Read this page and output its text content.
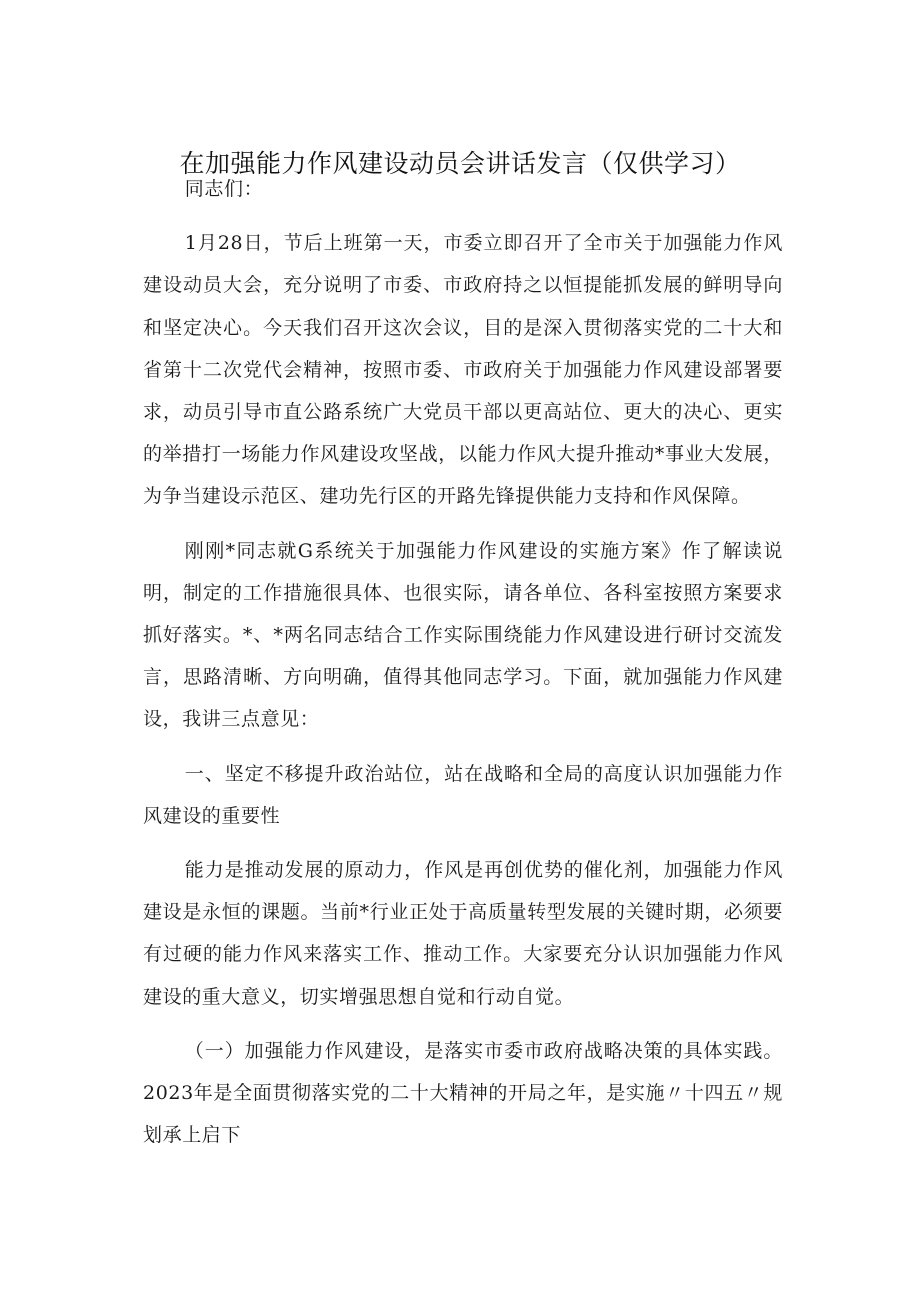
在加强能力作风建设动员会讲话发言（仅供学习）

同志们：

1月28日，节后上班第一天，市委立即召开了全市关于加强能力作风建设动员大会，充分说明了市委、市政府持之以恒提能抓发展的鲜明导向和坚定决心。今天我们召开这次会议，目的是深入贯彻落实党的二十大和省第十二次党代会精神，按照市委、市政府关于加强能力作风建设部署要求，动员引导市直公路系统广大党员干部以更高站位、更大的决心、更实的举措打一场能力作风建设攻坚战，以能力作风大提升推动*事业大发展，为争当建设示范区、建功先行区的开路先锋提供能力支持和作风保障。

刚刚*同志就G系统关于加强能力作风建设的实施方案》作了解读说明，制定的工作措施很具体、也很实际，请各单位、各科室按照方案要求抓好落实。*、*两名同志结合工作实际围绕能力作风建设进行研讨交流发言，思路清晰、方向明确，值得其他同志学习。下面，就加强能力作风建设，我讲三点意见：

一、坚定不移提升政治站位，站在战略和全局的高度认识加强能力作风建设的重要性

能力是推动发展的原动力，作风是再创优势的催化剂，加强能力作风建设是永恒的课题。当前*行业正处于高质量转型发展的关键时期，必须要有过硬的能力作风来落实工作、推动工作。大家要充分认识加强能力作风建设的重大意义，切实增强思想自觉和行动自觉。

（一）加强能力作风建设，是落实市委市政府战略决策的具体实践。2023年是全面贯彻落实党的二十大精神的开局之年，是实施〃十四五〃规划承上启下
